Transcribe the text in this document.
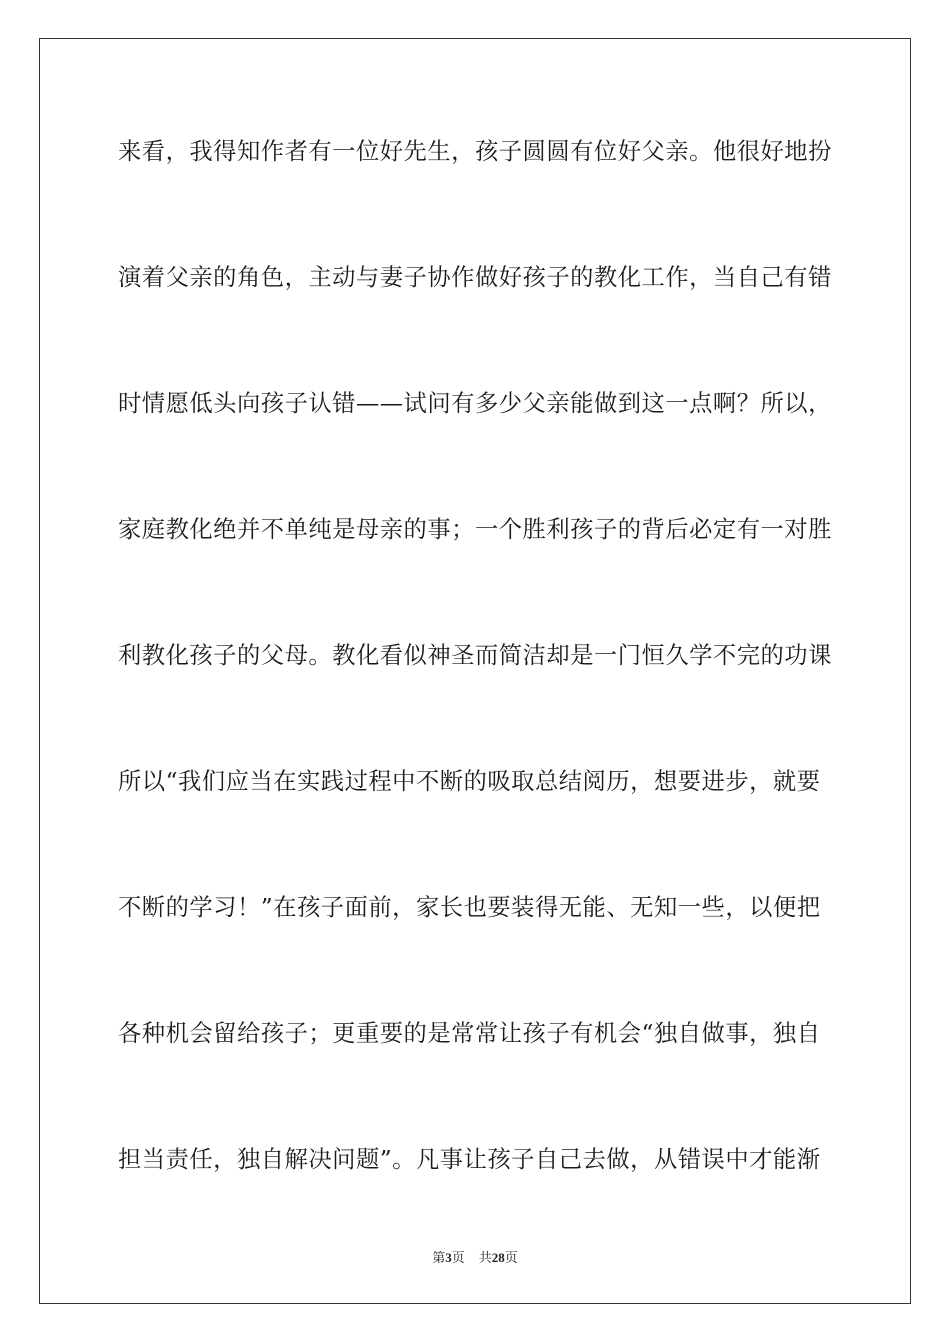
来看，我得知作者有一位好先生，孩子圆圆有位好父亲。他很好地扮

演着父亲的角色，主动与妻子协作做好孩子的教化工作，当自己有错

时情愿低头向孩子认错——试问有多少父亲能做到这一点啊？所以，

家庭教化绝并不单纯是母亲的事；一个胜利孩子的背后必定有一对胜

利教化孩子的父母。教化看似神圣而简洁却是一门恒久学不完的功课

所以“我们应当在实践过程中不断的吸取总结阅历，想要进步，就要

不断的学习！”在孩子面前，家长也要装得无能、无知一些，以便把

各种机会留给孩子；更重要的是常常让孩子有机会“独自做事，独自

担当责任，独自解决问题”。凡事让孩子自己去做，从错误中才能渐

第3页 共28页
